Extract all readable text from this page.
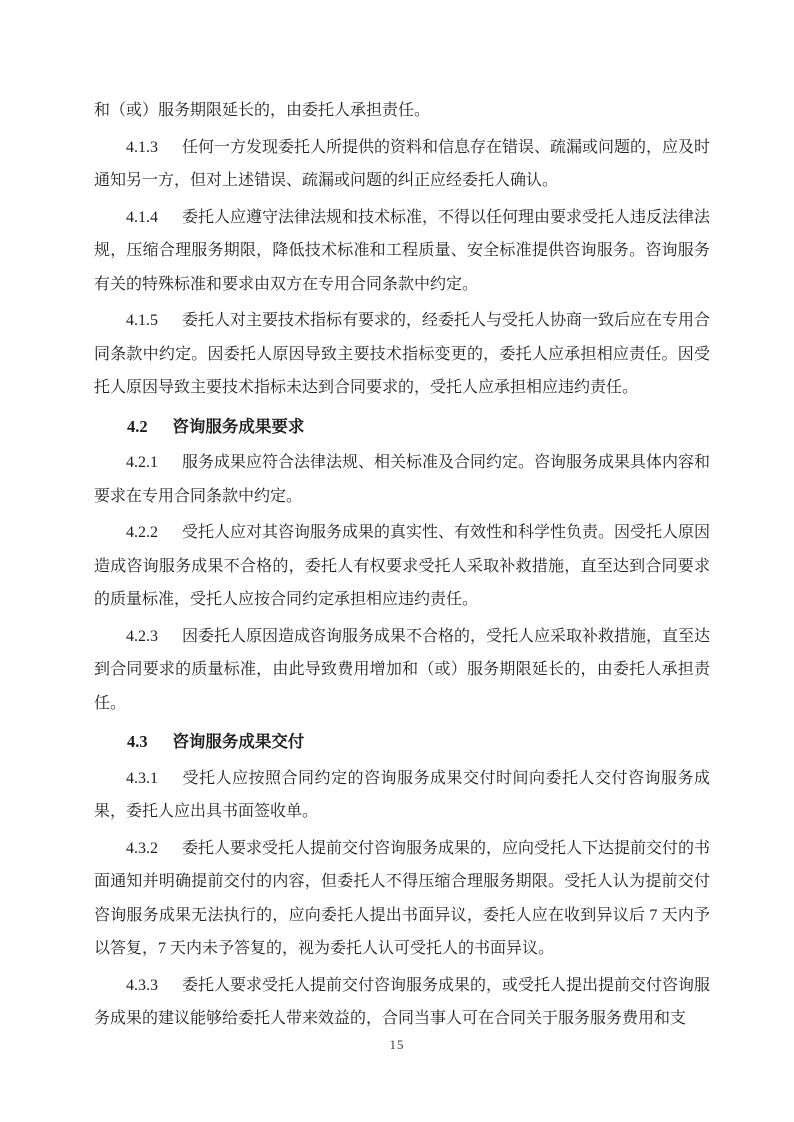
和（或）服务期限延长的，由委托人承担责任。

4.1.3 任何一方发现委托人所提供的资料和信息存在错误、疏漏或问题的，应及时通知另一方，但对上述错误、疏漏或问题的纠正应经委托人确认。

4.1.4 委托人应遵守法律法规和技术标准，不得以任何理由要求受托人违反法律法规，压缩合理服务期限，降低技术标准和工程质量、安全标准提供咨询服务。咨询服务有关的特殊标准和要求由双方在专用合同条款中约定。

4.1.5 委托人对主要技术指标有要求的，经委托人与受托人协商一致后应在专用合同条款中约定。因委托人原因导致主要技术指标变更的，委托人应承担相应责任。因受托人原因导致主要技术指标未达到合同要求的，受托人应承担相应违约责任。

4.2 咨询服务成果要求

4.2.1 服务成果应符合法律法规、相关标准及合同约定。咨询服务成果具体内容和要求在专用合同条款中约定。

4.2.2 受托人应对其咨询服务成果的真实性、有效性和科学性负责。因受托人原因造成咨询服务成果不合格的，委托人有权要求受托人采取补救措施，直至达到合同要求的质量标准，受托人应按合同约定承担相应违约责任。

4.2.3 因委托人原因造成咨询服务成果不合格的，受托人应采取补救措施，直至达到合同要求的质量标准，由此导致费用增加和（或）服务期限延长的，由委托人承担责任。

4.3 咨询服务成果交付

4.3.1 受托人应按照合同约定的咨询服务成果交付时间向委托人交付咨询服务成果，委托人应出具书面签收单。

4.3.2 委托人要求受托人提前交付咨询服务成果的，应向受托人下达提前交付的书面通知并明确提前交付的内容，但委托人不得压缩合理服务期限。受托人认为提前交付咨询服务成果无法执行的，应向委托人提出书面异议，委托人应在收到异议后 7 天内予以答复，7 天内未予答复的，视为委托人认可受托人的书面异议。

4.3.3 委托人要求受托人提前交付咨询服务成果的，或受托人提出提前交付咨询服务成果的建议能够给委托人带来效益的，合同当事人可在合同关于服务服务费用和支

15
